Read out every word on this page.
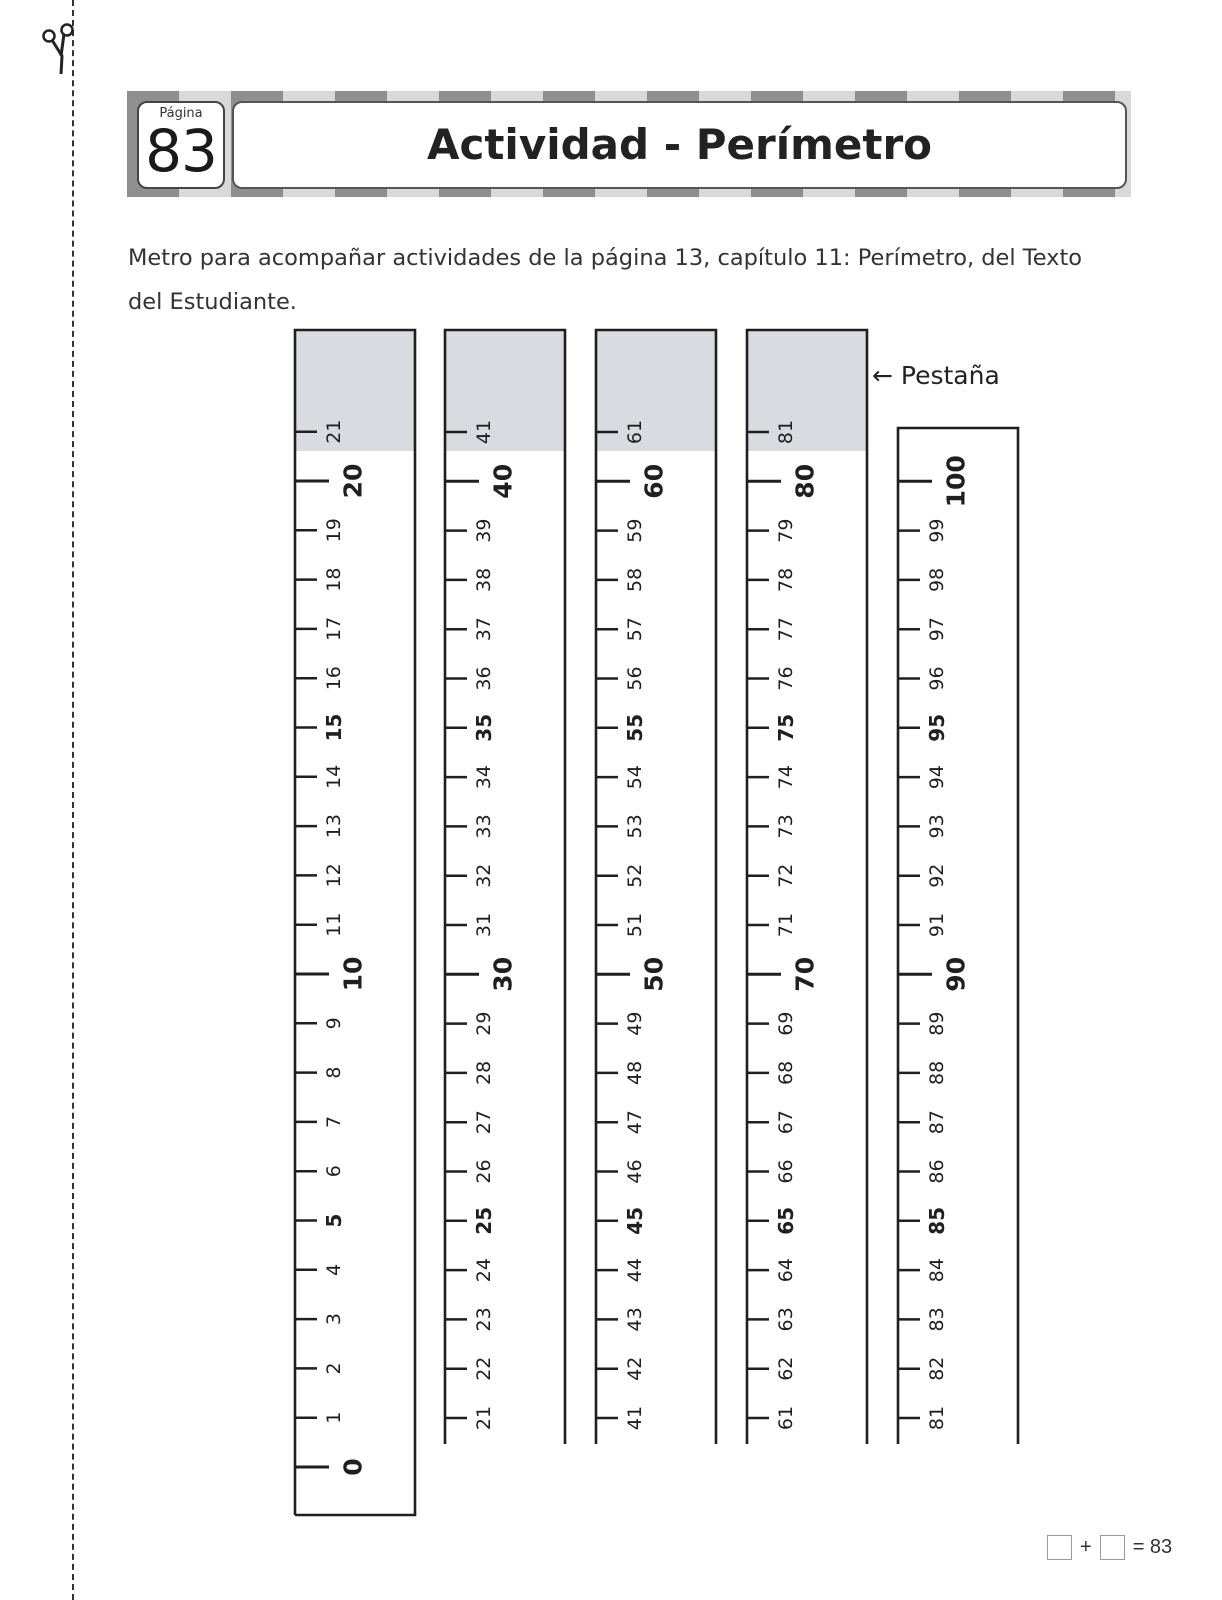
Página
83	Actividad - Perímetro
Metro para acompañar actividades de la página 13, capítulo 11: Perímetro, del Texto del Estudiante.
0
1
2
3
4
5
6
7
8
9
10
11
12
13
14
15
16
17
18
19
20
21
21
22
23
24
25
26
27
28
29
30
31
32
33
34
35
36
37
38
39
40
41
41
42
43
44
45
46
47
48
49
50
51
52
53
54
55
56
57
58
59
60
61
61
62
63
64
65
66
67
68
69
70
71
72
73
74
75
76
77
78
79
80
81
81
82
83
84
85
86
87
88
89
90
91
92
93
94
95
96
97
98
99
100
← Pestaña
+ = 83
